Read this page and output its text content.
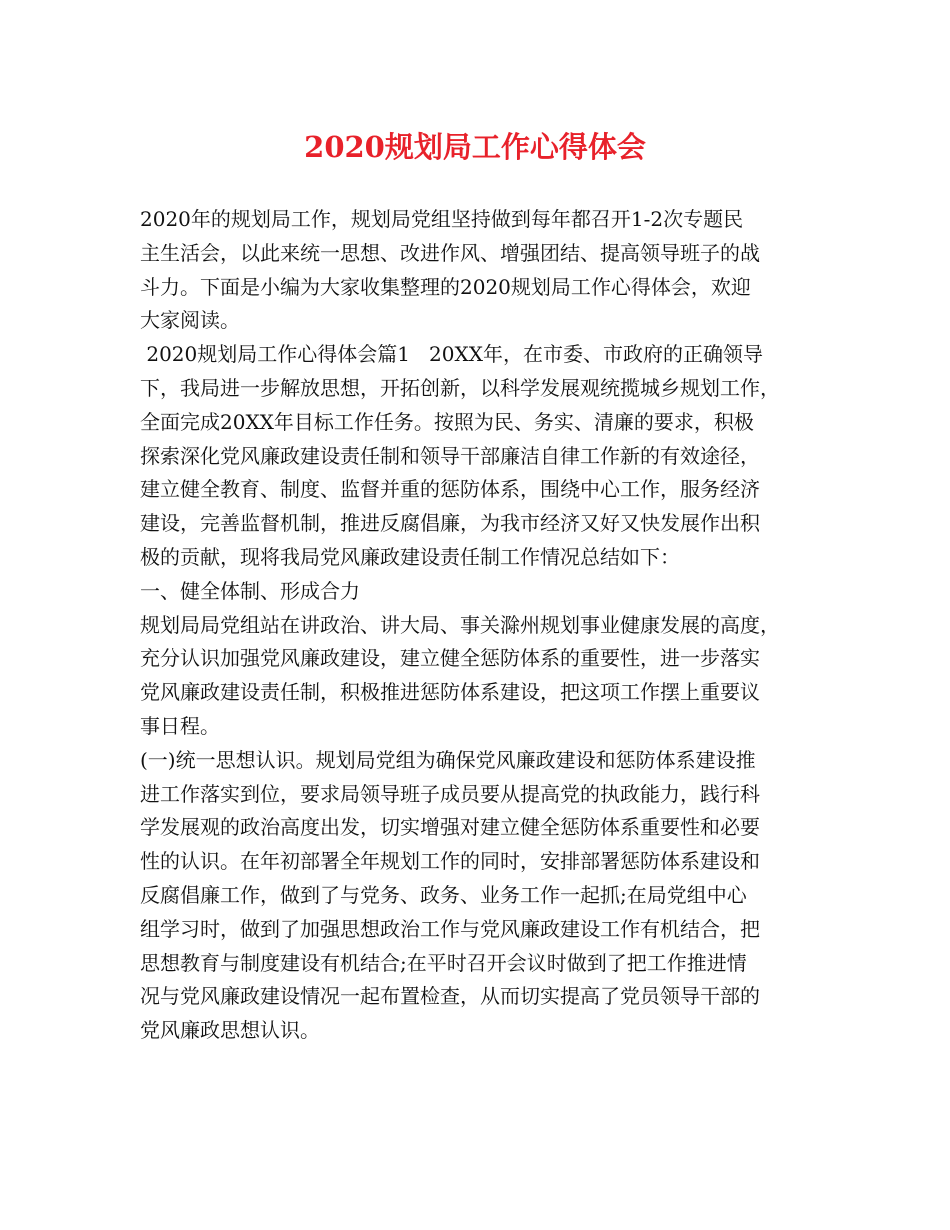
2020规划局工作心得体会
2020年的规划局工作，规划局党组坚持做到每年都召开1-2次专题民
主生活会，以此来统一思想、改进作风、增强团结、提高领导班子的战
斗力。下面是小编为大家收集整理的2020规划局工作心得体会，欢迎
大家阅读。
2020规划局工作心得体会篇1   20XX年，在市委、市政府的正确领导
下，我局进一步解放思想，开拓创新，以科学发展观统揽城乡规划工作，
全面完成20XX年目标工作任务。按照为民、务实、清廉的要求，积极
探索深化党风廉政建设责任制和领导干部廉洁自律工作新的有效途径，
建立健全教育、制度、监督并重的惩防体系，围绕中心工作，服务经济
建设，完善监督机制，推进反腐倡廉，为我市经济又好又快发展作出积
极的贡献，现将我局党风廉政建设责任制工作情况总结如下：
一、健全体制、形成合力
规划局局党组站在讲政治、讲大局、事关滁州规划事业健康发展的高度，
充分认识加强党风廉政建设，建立健全惩防体系的重要性，进一步落实
党风廉政建设责任制，积极推进惩防体系建设，把这项工作摆上重要议
事日程。
(一)统一思想认识。规划局党组为确保党风廉政建设和惩防体系建设推
进工作落实到位，要求局领导班子成员要从提高党的执政能力，践行科
学发展观的政治高度出发，切实增强对建立健全惩防体系重要性和必要
性的认识。在年初部署全年规划工作的同时，安排部署惩防体系建设和
反腐倡廉工作，做到了与党务、政务、业务工作一起抓;在局党组中心
组学习时，做到了加强思想政治工作与党风廉政建设工作有机结合，把
思想教育与制度建设有机结合;在平时召开会议时做到了把工作推进情
况与党风廉政建设情况一起布置检查，从而切实提高了党员领导干部的
党风廉政思想认识。
